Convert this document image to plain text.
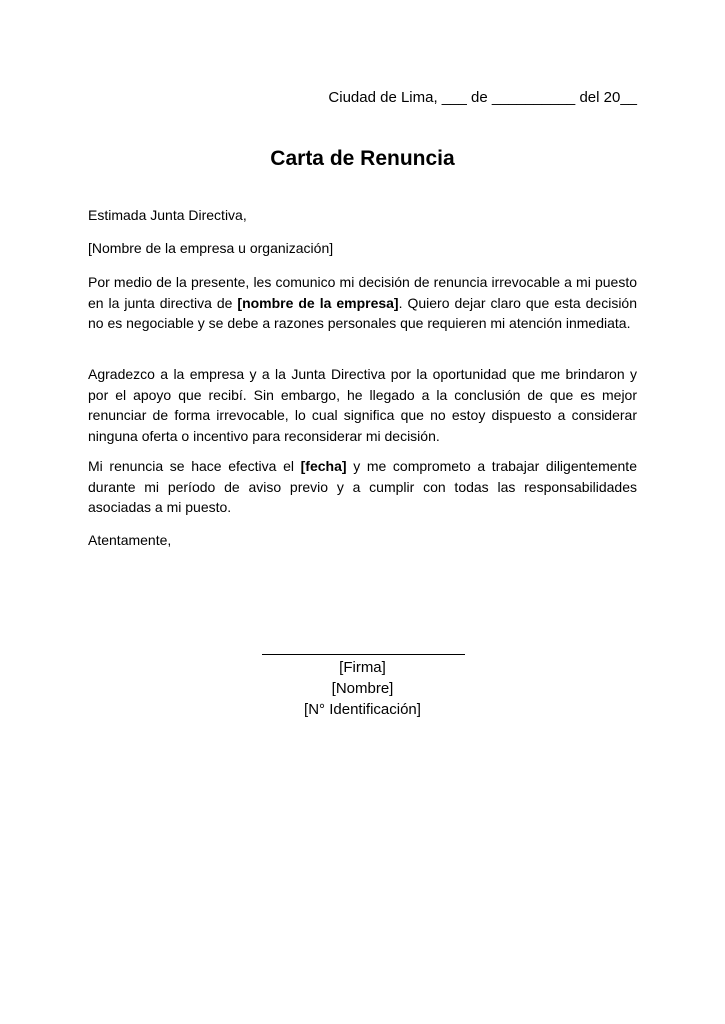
Ciudad de Lima, ___ de __________ del 20__
Carta de Renuncia

Estimada Junta Directiva,

[Nombre de la empresa u organización]

Por medio de la presente, les comunico mi decisión de renuncia irrevocable a mi puesto en la junta directiva de [nombre de la empresa]. Quiero dejar claro que esta decisión no es negociable y se debe a razones personales que requieren mi atención inmediata.

Agradezco a la empresa y a la Junta Directiva por la oportunidad que me brindaron y por el apoyo que recibí. Sin embargo, he llegado a la conclusión de que es mejor renunciar de forma irrevocable, lo cual significa que no estoy dispuesto a considerar ninguna oferta o incentivo para reconsiderar mi decisión.

Mi renuncia se hace efectiva el [fecha] y me comprometo a trabajar diligentemente durante mi período de aviso previo y a cumplir con todas las responsabilidades asociadas a mi puesto.

Atentamente,

[Firma]
[Nombre]
[N° Identificación]
